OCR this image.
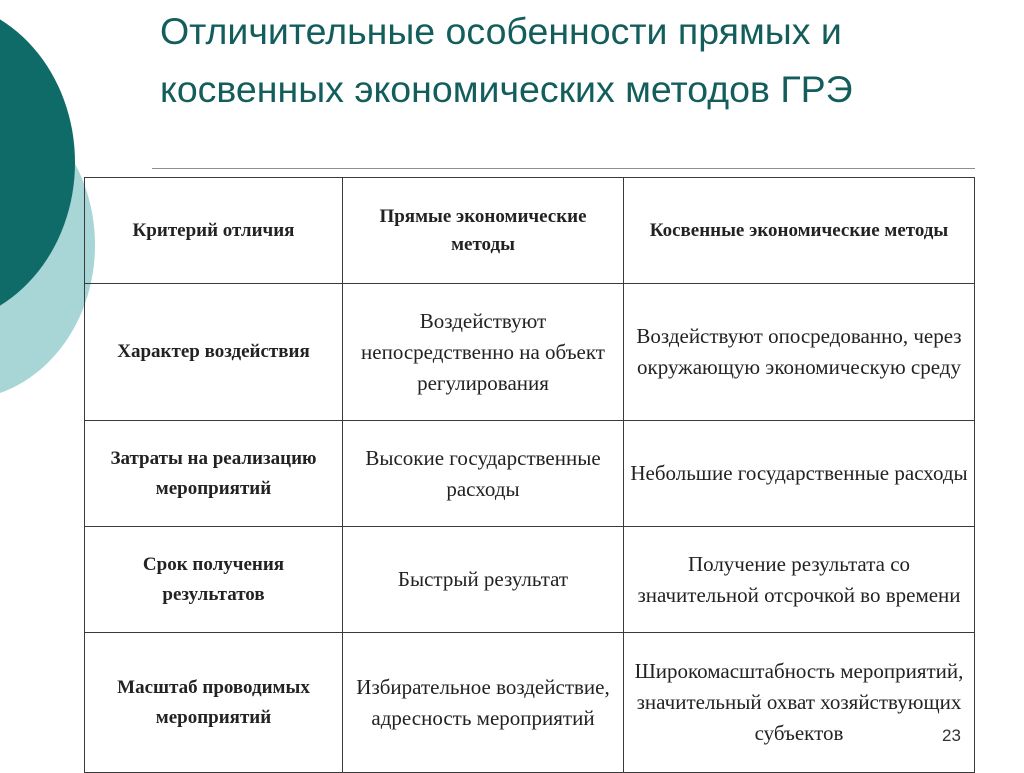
Отличительные особенности прямых и косвенных экономических методов ГРЭ
Критерий отличия	Прямые экономические методы	Косвенные экономические методы
Характер воздействия	Воздействуют непосредственно на объект регулирования	Воздействуют опосредованно, через окружающую экономическую среду
Затраты на реализацию мероприятий	Высокие государственные расходы	Небольшие государственные расходы
Срок получения результатов	Быстрый результат	Получение результата со значительной отсрочкой во времени
Масштаб проводимых мероприятий	Избирательное воздействие, адресность мероприятий	Широкомасштабность мероприятий, значительный охват хозяйствующих субъектов	23
